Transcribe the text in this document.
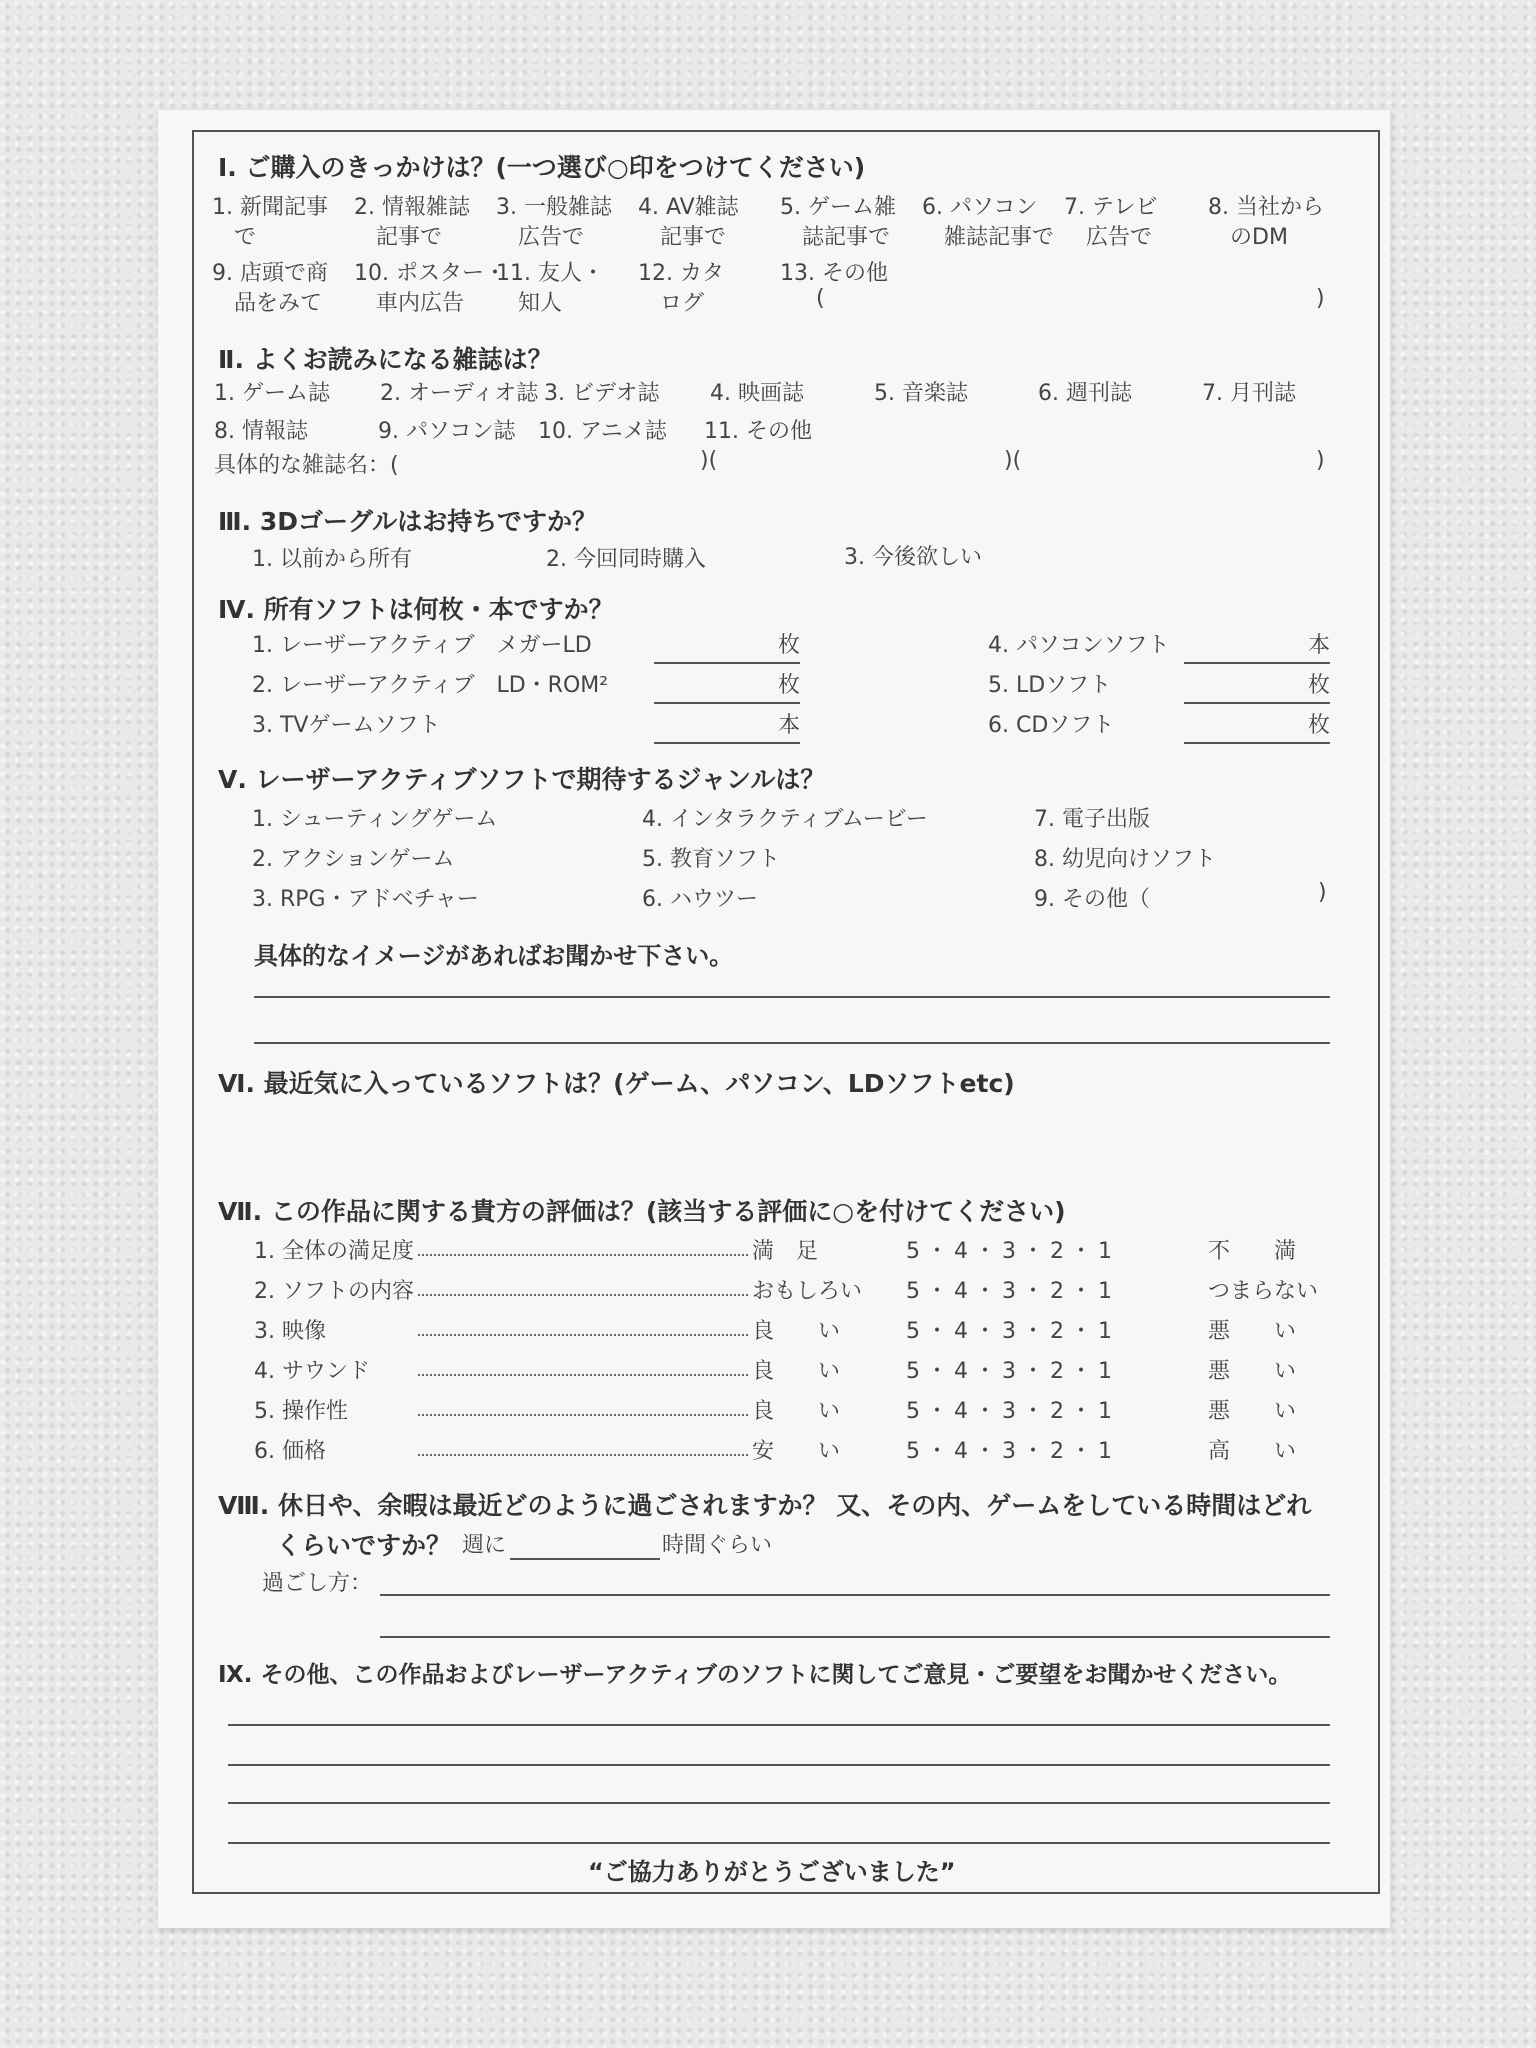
Ⅰ. ご購入のきっかけは？(一つ選び○印をつけてください)
1. 新聞記事
で
2. 情報雑誌
記事で
3. 一般雑誌
広告で
4. AV雑誌
記事で
5. ゲーム雑
誌記事で
6. パソコン
雑誌記事で
7. テレビ
広告で
8. 当社から
のDM
9. 店頭で商
品をみて
10. ポスター・
車内広告
11. 友人・
知人
12. カタ
ログ
13. その他
(	)
Ⅱ. よくお読みになる雑誌は？
1. ゲーム誌 2. オーディオ誌 3. ビデオ誌 4. 映画誌	5. 音楽誌	6. 週刊誌	7. 月刊誌
8. 情報誌	9. パソコン誌 10. アニメ誌 11. その他
具体的な雑誌名：(	)(	)(	)
Ⅲ. 3Dゴーグルはお持ちですか？
1. 以前から所有	2. 今回同時購入	3. 今後欲しい
Ⅳ. 所有ソフトは何枚・本ですか？
1. レーザーアクティブ　メガーLD	枚
2. レーザーアクティブ　LD・ROM²	枚
3. TVゲームソフト	本
4. パソコンソフト	本
5. LDソフト	枚
6. CDソフト	枚
Ⅴ. レーザーアクティブソフトで期待するジャンルは？
1. シューティングゲーム
2. アクションゲーム
3. RPG・アドベチャー
4. インタラクティブムービー
5. 教育ソフト
6. ハウツー
7. 電子出版
8. 幼児向けソフト
9. その他（	)
具体的なイメージがあればお聞かせ下さい。
Ⅵ. 最近気に入っているソフトは？(ゲーム、パソコン、LDソフトetc)
Ⅶ. この作品に関する貴方の評価は？(該当する評価に○を付けてください)
1. 全体の満足度	満　足	5・4・3・2・1	不　　満
2. ソフトの内容	おもしろい 5・4・3・2・1	つまらない
3. 映像	良　　い	5・4・3・2・1	悪　　い
4. サウンド	良　　い	5・4・3・2・1	悪　　い
5. 操作性	良　　い	5・4・3・2・1	悪　　い
6. 価格	安　　い	5・4・3・2・1	高　　い
Ⅷ. 休日や、余暇は最近どのように過ごされますか？ 又、その内、ゲームをしている時間はどれ
くらいですか？ 週に	時間ぐらい
過ごし方：
Ⅸ. その他、この作品およびレーザーアクティブのソフトに関してご意見・ご要望をお聞かせください。
“ご協力ありがとうございました”
